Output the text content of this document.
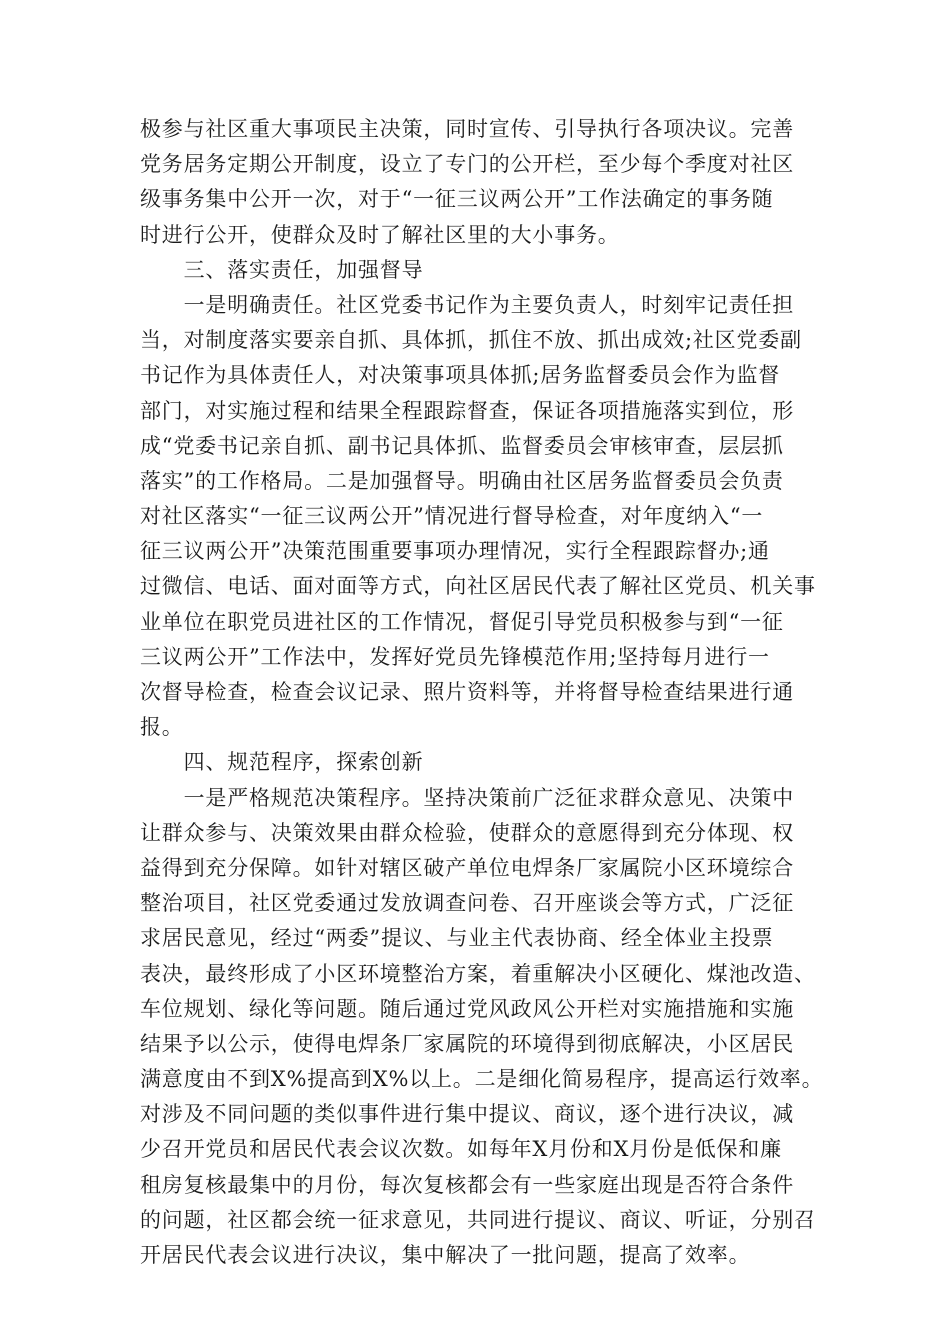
极参与社区重大事项民主决策，同时宣传、引导执行各项决议。完善
党务居务定期公开制度，设立了专门的公开栏，至少每个季度对社区
级事务集中公开一次，对于“一征三议两公开”工作法确定的事务随
时进行公开，使群众及时了解社区里的大小事务。
　　三、落实责任，加强督导
　　一是明确责任。社区党委书记作为主要负责人，时刻牢记责任担
当，对制度落实要亲自抓、具体抓，抓住不放、抓出成效;社区党委副
书记作为具体责任人，对决策事项具体抓;居务监督委员会作为监督
部门，对实施过程和结果全程跟踪督查，保证各项措施落实到位，形
成“党委书记亲自抓、副书记具体抓、监督委员会审核审查，层层抓
落实”的工作格局。二是加强督导。明确由社区居务监督委员会负责
对社区落实“一征三议两公开”情况进行督导检查，对年度纳入“一
征三议两公开”决策范围重要事项办理情况，实行全程跟踪督办;通
过微信、电话、面对面等方式，向社区居民代表了解社区党员、机关事
业单位在职党员进社区的工作情况，督促引导党员积极参与到“一征
三议两公开”工作法中，发挥好党员先锋模范作用;坚持每月进行一
次督导检查，检查会议记录、照片资料等，并将督导检查结果进行通
报。
　　四、规范程序，探索创新
　　一是严格规范决策程序。坚持决策前广泛征求群众意见、决策中
让群众参与、决策效果由群众检验，使群众的意愿得到充分体现、权
益得到充分保障。如针对辖区破产单位电焊条厂家属院小区环境综合
整治项目，社区党委通过发放调查问卷、召开座谈会等方式，广泛征
求居民意见，经过“两委”提议、与业主代表协商、经全体业主投票
表决，最终形成了小区环境整治方案，着重解决小区硬化、煤池改造、
车位规划、绿化等问题。随后通过党风政风公开栏对实施措施和实施
结果予以公示，使得电焊条厂家属院的环境得到彻底解决，小区居民
满意度由不到X%提高到X%以上。二是细化简易程序，提高运行效率。
对涉及不同问题的类似事件进行集中提议、商议，逐个进行决议，减
少召开党员和居民代表会议次数。如每年X月份和X月份是低保和廉
租房复核最集中的月份，每次复核都会有一些家庭出现是否符合条件
的问题，社区都会统一征求意见，共同进行提议、商议、听证，分别召
开居民代表会议进行决议，集中解决了一批问题，提高了效率。
